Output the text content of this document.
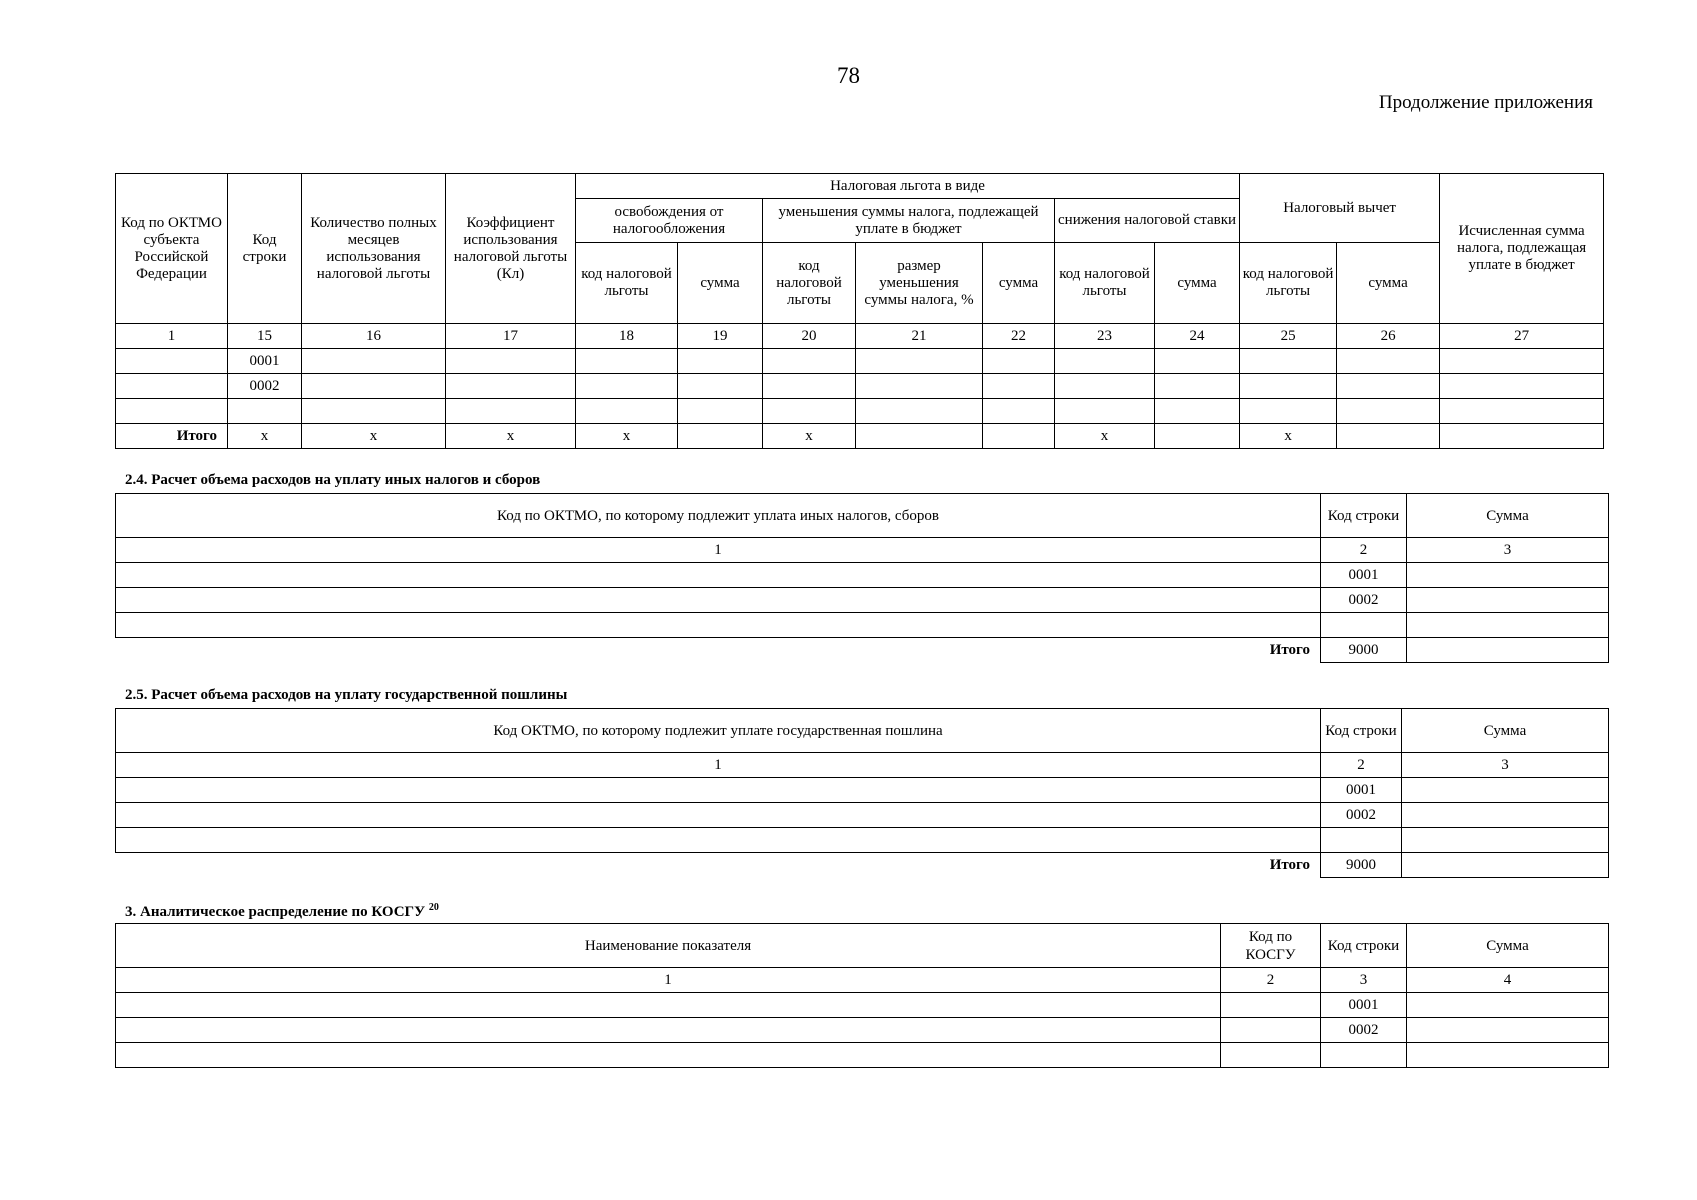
78
Продолжение приложения
Код по ОКТМО субъекта Российской Федерации	Код строки	Количество полных месяцев использования налоговой льготы	Коэффициент использования налоговой льготы (Кл)	Налоговая льгота в виде							Налоговый вычет		Исчисленная сумма налога, подлежащая уплате в бюджет
				освобождения от налогообложения		уменьшения суммы налога, подлежащей уплате в бюджет			снижения налоговой ставки				
				код налоговой льготы	сумма	код налоговой льготы	размер уменьшения суммы налога, %	сумма	код налоговой льготы	сумма	код налоговой льготы	сумма	
1	15	16	17	18	19	20	21	22	23	24	25	26	27
	0001												
	0002												

Итого	x	x	x	x		x			x		x		
2.4. Расчет объема расходов на уплату иных налогов и сборов
Код по ОКТМО, по которому подлежит уплата иных налогов, сборов	Код строки	Сумма
1	2	3
	0001	
	0002	

Итого	9000	
2.5. Расчет объема расходов на уплату государственной пошлины
Код ОКТМО, по которому подлежит уплате государственная пошлина	Код строки	Сумма
1	2	3
	0001	
	0002	

Итого	9000	
3. Аналитическое распределение по КОСГУ $^{20}$
Наименование показателя	Код по КОСГУ	Код строки	Сумма
1	2	3	4
		0001	
		0002	
